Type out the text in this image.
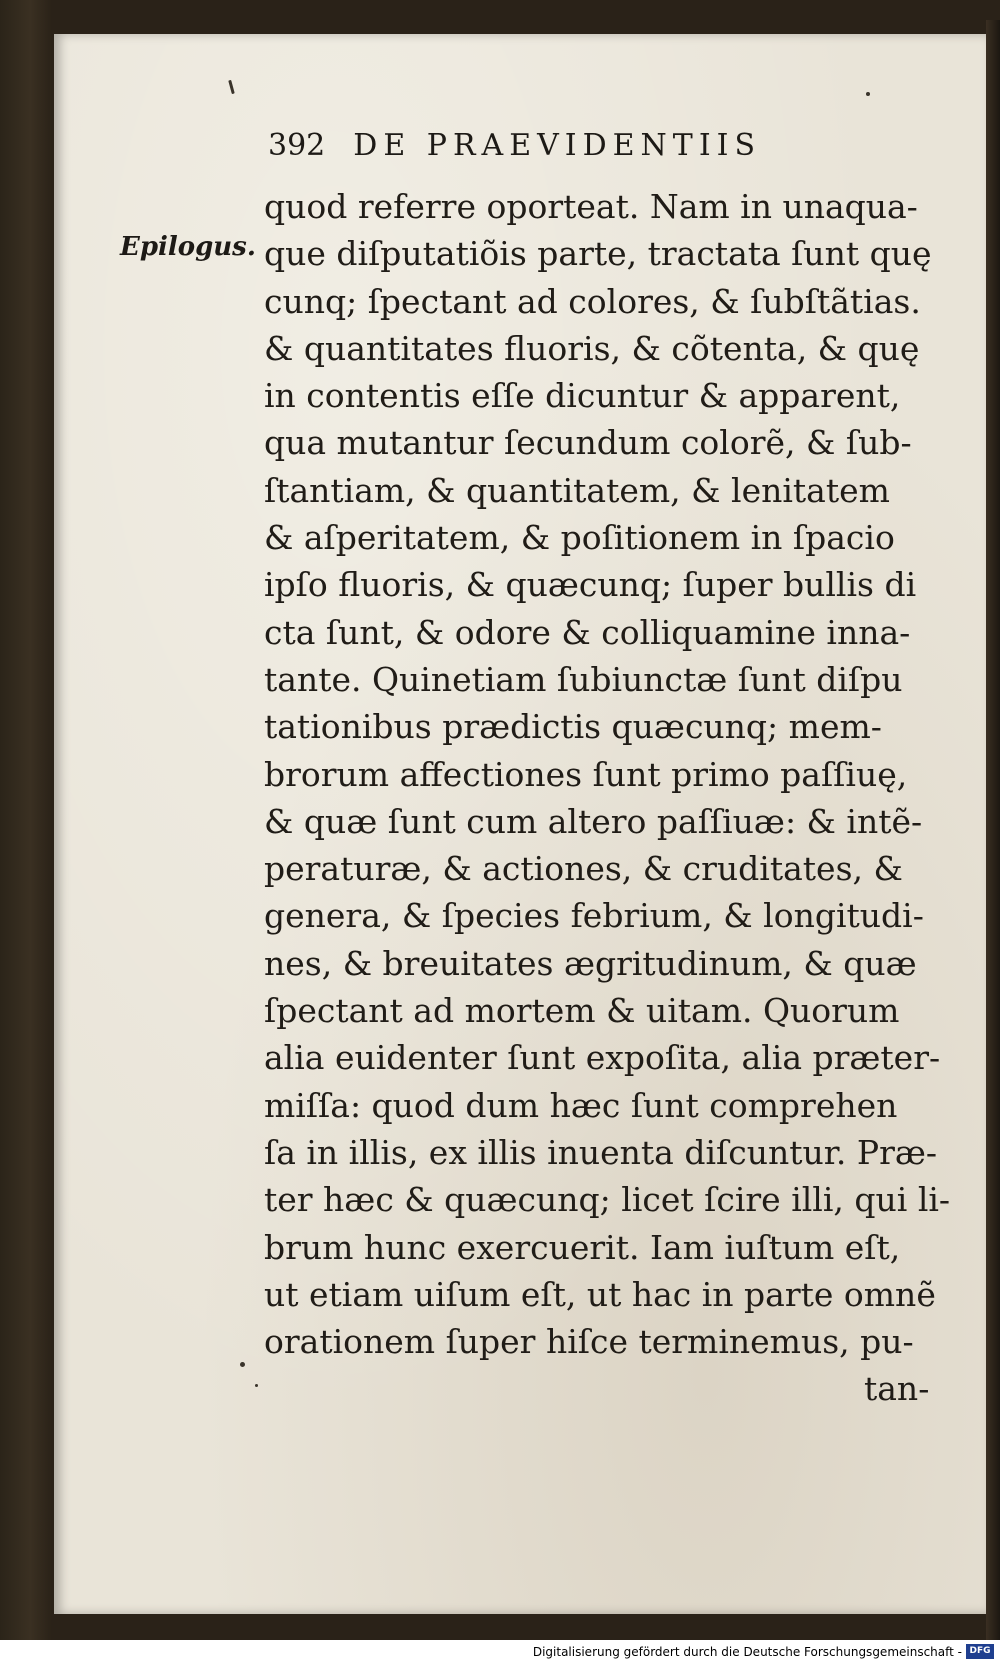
392 DE PRAEVIDENTIIS
Epilogus.
quod referre oporteat. Nam in unaqua-
que diſputatiõis parte, tractata ſunt quę
cunq; ſpectant ad colores, & ſubſtãtias.
& quantitates fluoris, & cõtenta, & quę
in contentis eſſe dicuntur & apparent,
qua mutantur ſecundum colorẽ, & ſub-
ſtantiam, & quantitatem, & lenitatem
& aſperitatem, & poſitionem in ſpacio
ipſo fluoris, & quæcunq; ſuper bullis di
cta ſunt, & odore & colliquamine inna-
tante. Quinetiam ſubiunctæ ſunt diſpu
tationibus prædictis quæcunq; mem-
brorum affectiones ſunt primo paſſiuę,
& quæ ſunt cum altero paſſiuæ: & intẽ-
peraturæ, & actiones, & cruditates, &
genera, & ſpecies febrium, & longitudi-
nes, & breuitates ægritudinum, & quæ
ſpectant ad mortem & uitam. Quorum
alia euidenter ſunt expoſita, alia præter-
miſſa: quod dum hæc ſunt comprehen
ſa in illis, ex illis inuenta diſcuntur. Præ-
ter hæc & quæcunq; licet ſcire illi, qui li-
brum hunc exercuerit. Iam iuſtum eſt,
ut etiam uiſum eſt, ut hac in parte omnẽ
orationem ſuper hiſce terminemus, pu-
tan-
Digitalisierung gefördert durch die Deutsche Forschungsgemeinschaft - DFG
